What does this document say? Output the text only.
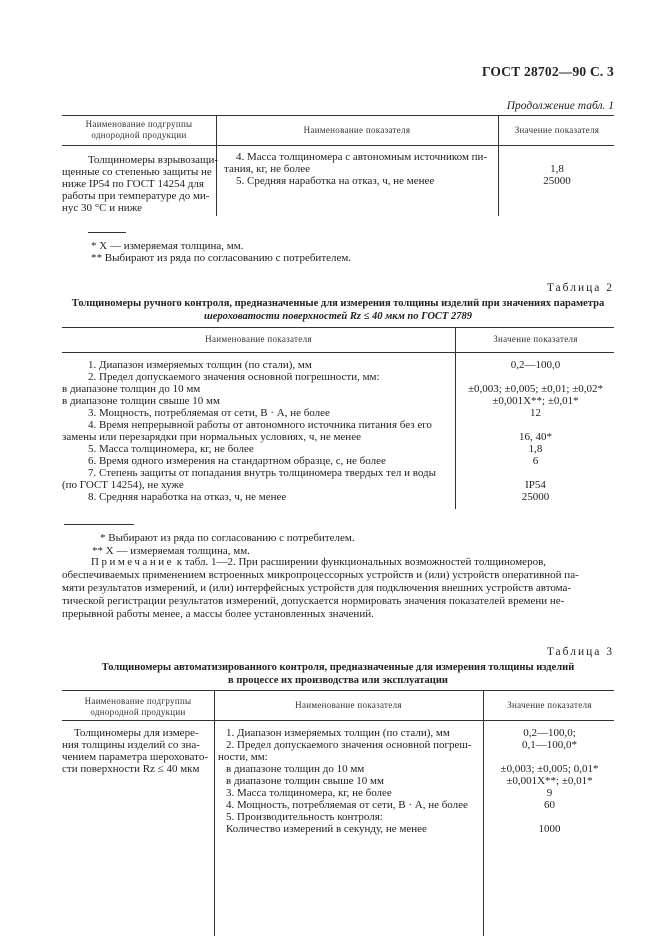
ГОСТ 28702—90 С. 3
Продолжение табл. 1
Наименование подгруппы однородной продукции	Наименование показателя	Значение показателя
Толщиномеры взрывозащи-
щенные со степенью защиты не
ниже IP54 по ГОСТ 14254 для
работы при температуре до ми-
нус 30 °С и ниже
4. Масса толщиномера с автономным источником пи-
тания, кг, не более	1,8
5. Средняя наработка на отказ, ч, не менее	25000
* X — измеряемая толщина, мм.
** Выбирают из ряда по согласованию с потребителем.
Таблица 2
Толщиномеры ручного контроля, предназначенные для измерения толщины изделий при значениях параметра
шероховатости поверхностей Rz ≤ 40 мкм по ГОСТ 2789
Наименование показателя	Значение показателя
1. Диапазон измеряемых толщин (по стали), мм	0,2—100,0
2. Предел допускаемого значения основной погрешности, мм:
в диапазоне толщин до 10 мм	±0,003; ±0,005; ±0,01; ±0,02*
в диапазоне толщин свыше 10 мм	±0,001X**; ±0,01*
3. Мощность, потребляемая от сети, В · А, не более	12
4. Время непрерывной работы от автономного источника питания без его
замены или перезарядки при нормальных условиях, ч, не менее	16, 40*
5. Масса толщиномера, кг, не более	1,8
6. Время одного измерения на стандартном образце, с, не более	6
7. Степень защиты от попадания внутрь толщиномера твердых тел и воды
(по ГОСТ 14254), не хуже	IP54
8. Средняя наработка на отказ, ч, не менее	25000
* Выбирают из ряда по согласованию с потребителем.
** X — измеряемая толщина, мм.
Примечание к табл. 1—2. При расширении функциональных возможностей толщиномеров,
обеспечиваемых применением встроенных микропроцессорных устройств и (или) устройств оперативной па-
мяти результатов измерений, и (или) интерфейсных устройств для подключения внешних устройств автома-
тической регистрации результатов измерений, допускается нормировать значения показателей времени не-
прерывной работы менее, а массы более установленных значений.
Таблица 3
Толщиномеры автоматизированного контроля, предназначенные для измерения толщины изделий
в процессе их производства или эксплуатации
Наименование подгруппы однородной продукции
Наименование показателя	Значение показателя
Толщиномеры для измере-
ния толщины изделий со зна-
чением параметра шероховато-
сти поверхности Rz ≤ 40 мкм
1. Диапазон измеряемых толщин (по стали), мм	0,2—100,0;
2. Предел допускаемого значения основной погреш-	0,1—100,0*
ности, мм:
в диапазоне толщин до 10 мм	±0,003; ±0,005; 0,01*
в диапазоне толщин свыше 10 мм	±0,001X**; ±0,01*
3. Масса толщиномера, кг, не более	9
4. Мощность, потребляемая от сети, В · А, не более	60
5. Производительность контроля:
Количество измерений в секунду, не менее	1000
